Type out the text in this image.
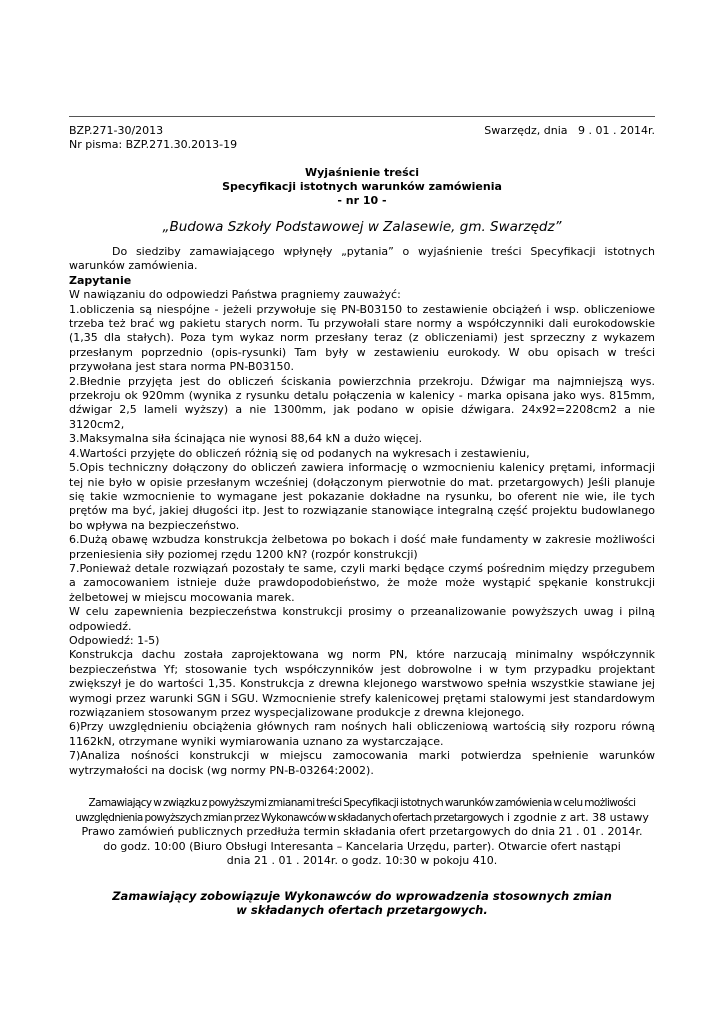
BZP.271-30/2013	Swarzędz, dnia   9 . 01 . 2014r.
Nr pisma: BZP.271.30.2013-19
Wyjaśnienie treści
Specyfikacji istotnych warunków zamówienia
- nr 10 -
„Budowa Szkoły Podstawowej w Zalasewie, gm. Swarzędz”

Do siedziby zamawiającego wpłynęły „pytania” o wyjaśnienie treści Specyfikacji istotnych warunków zamówienia.

Zapytanie

W nawiązaniu do odpowiedzi Państwa pragniemy zauważyć:

1.obliczenia są niespójne - jeżeli przywołuje się PN-B03150 to zestawienie obciążeń i wsp. obliczeniowe trzeba też brać wg pakietu starych norm. Tu przywołali stare normy a współczynniki dali eurokodowskie (1,35 dla stałych). Poza tym wykaz norm przesłany teraz (z obliczeniami) jest sprzeczny z wykazem przesłanym poprzednio (opis-rysunki) Tam były w zestawieniu eurokody. W obu opisach w treści przywołana jest stara norma PN-B03150.

2.Błednie przyjęta jest do obliczeń ściskania powierzchnia przekroju. Dźwigar ma najmniejszą wys. przekroju ok 920mm (wynika z rysunku detalu połączenia w kalenicy - marka opisana jako wys. 815mm, dźwigar 2,5 lameli wyższy) a nie 1300mm, jak podano w opisie dźwigara. 24x92=2208cm2 a nie 3120cm2,

3.Maksymalna siła ścinająca nie wynosi 88,64 kN a dużo więcej.

4.Wartości przyjęte do obliczeń różnią się od podanych na wykresach i zestawieniu,

5.Opis techniczny dołączony do obliczeń zawiera informację o wzmocnieniu kalenicy prętami, informacji tej nie było w opisie przesłanym wcześniej (dołączonym pierwotnie do mat. przetargowych) Jeśli planuje się takie wzmocnienie to wymagane jest pokazanie dokładne na rysunku, bo oferent nie wie, ile tych prętów ma być, jakiej długości itp. Jest to rozwiązanie stanowiące integralną część projektu budowlanego bo wpływa na bezpieczeństwo.

6.Dużą obawę wzbudza konstrukcja żelbetowa po bokach i dość małe fundamenty w zakresie możliwości przeniesienia siły poziomej rzędu 1200 kN? (rozpór konstrukcji)

7.Ponieważ detale rozwiązań pozostały te same, czyli marki będące czymś pośrednim między przegubem a zamocowaniem istnieje duże prawdopodobieństwo, że może może wystąpić spękanie konstrukcji żelbetowej w miejscu mocowania marek.

W celu zapewnienia bezpieczeństwa konstrukcji prosimy o przeanalizowanie powyższych uwag i pilną odpowiedź.

Odpowiedź: 1-5)

Konstrukcja dachu została zaprojektowana wg norm PN, które narzucają minimalny współczynnik bezpieczeństwa Yf; stosowanie tych współczynników jest dobrowolne i w tym przypadku projektant zwiększył je do wartości 1,35. Konstrukcja z drewna klejonego warstwowo spełnia wszystkie stawiane jej wymogi przez warunki SGN i SGU. Wzmocnienie strefy kalenicowej prętami stalowymi jest standardowym rozwiązaniem stosowanym przez wyspecjalizowane produkcje z drewna klejonego.

6)Przy uwzględnieniu obciążenia głównych ram nośnych hali obliczeniową wartością siły rozporu równą 1162kN, otrzymane wyniki wymiarowania uznano za wystarczające.

7)Analiza nośności konstrukcji w miejscu zamocowania marki potwierdza spełnienie warunków wytrzymałości na docisk (wg normy PN-B-03264:2002).

Zamawiający w związku z powyższymi zmianami treści Specyfikacji istotnych warunków zamówienia w celu możliwości
uwzględnienia powyższych zmian przez Wykonawców w składanych ofertach przetargowych i zgodnie z art. 38 ustawy
Prawo zamówień publicznych przedłuża termin składania ofert przetargowych do dnia 21 . 01 . 2014r.
do godz. 10:00 (Biuro Obsługi Interesanta – Kancelaria Urzędu, parter). Otwarcie ofert nastąpi
dnia 21 . 01 . 2014r. o godz. 10:30 w pokoju 410.
Zamawiający zobowiązuje Wykonawców do wprowadzenia stosownych zmian
w składanych ofertach przetargowych.
